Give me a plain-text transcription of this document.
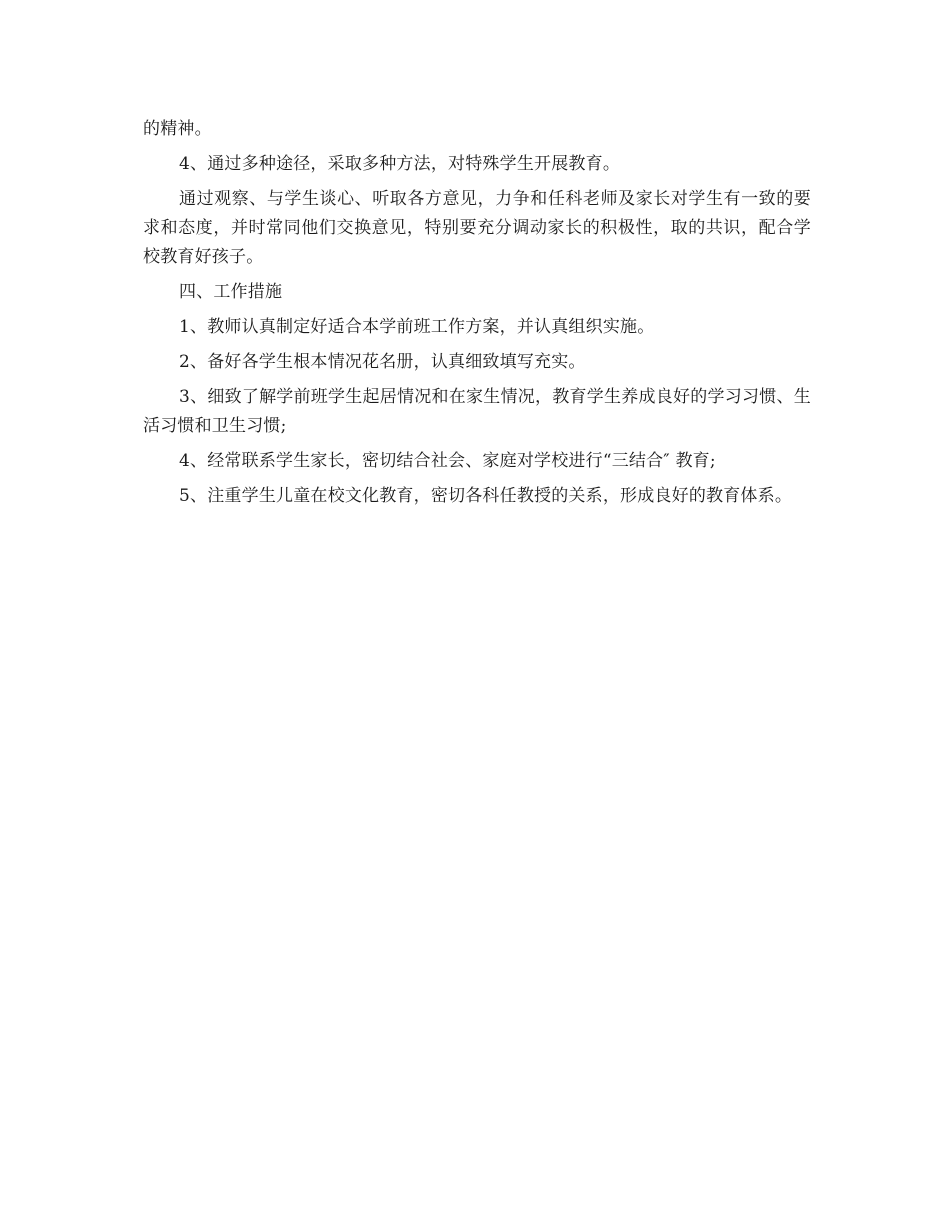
的精神。

4、通过多种途径，采取多种方法，对特殊学生开展教育。

通过观察、与学生谈心、听取各方意见，力争和任科老师及家长对学生有一致的要求和态度，并时常同他们交换意见，特别要充分调动家长的积极性，取的共识，配合学校教育好孩子。

四、工作措施

1、教师认真制定好适合本学前班工作方案，并认真组织实施。

2、备好各学生根本情况花名册，认真细致填写充实。

3、细致了解学前班学生起居情况和在家生情况，教育学生养成良好的学习习惯、生活习惯和卫生习惯;

4、经常联系学生家长，密切结合社会、家庭对学校进行“三结合″ 教育;

5、注重学生儿童在校文化教育，密切各科任教授的关系，形成良好的教育体系。
